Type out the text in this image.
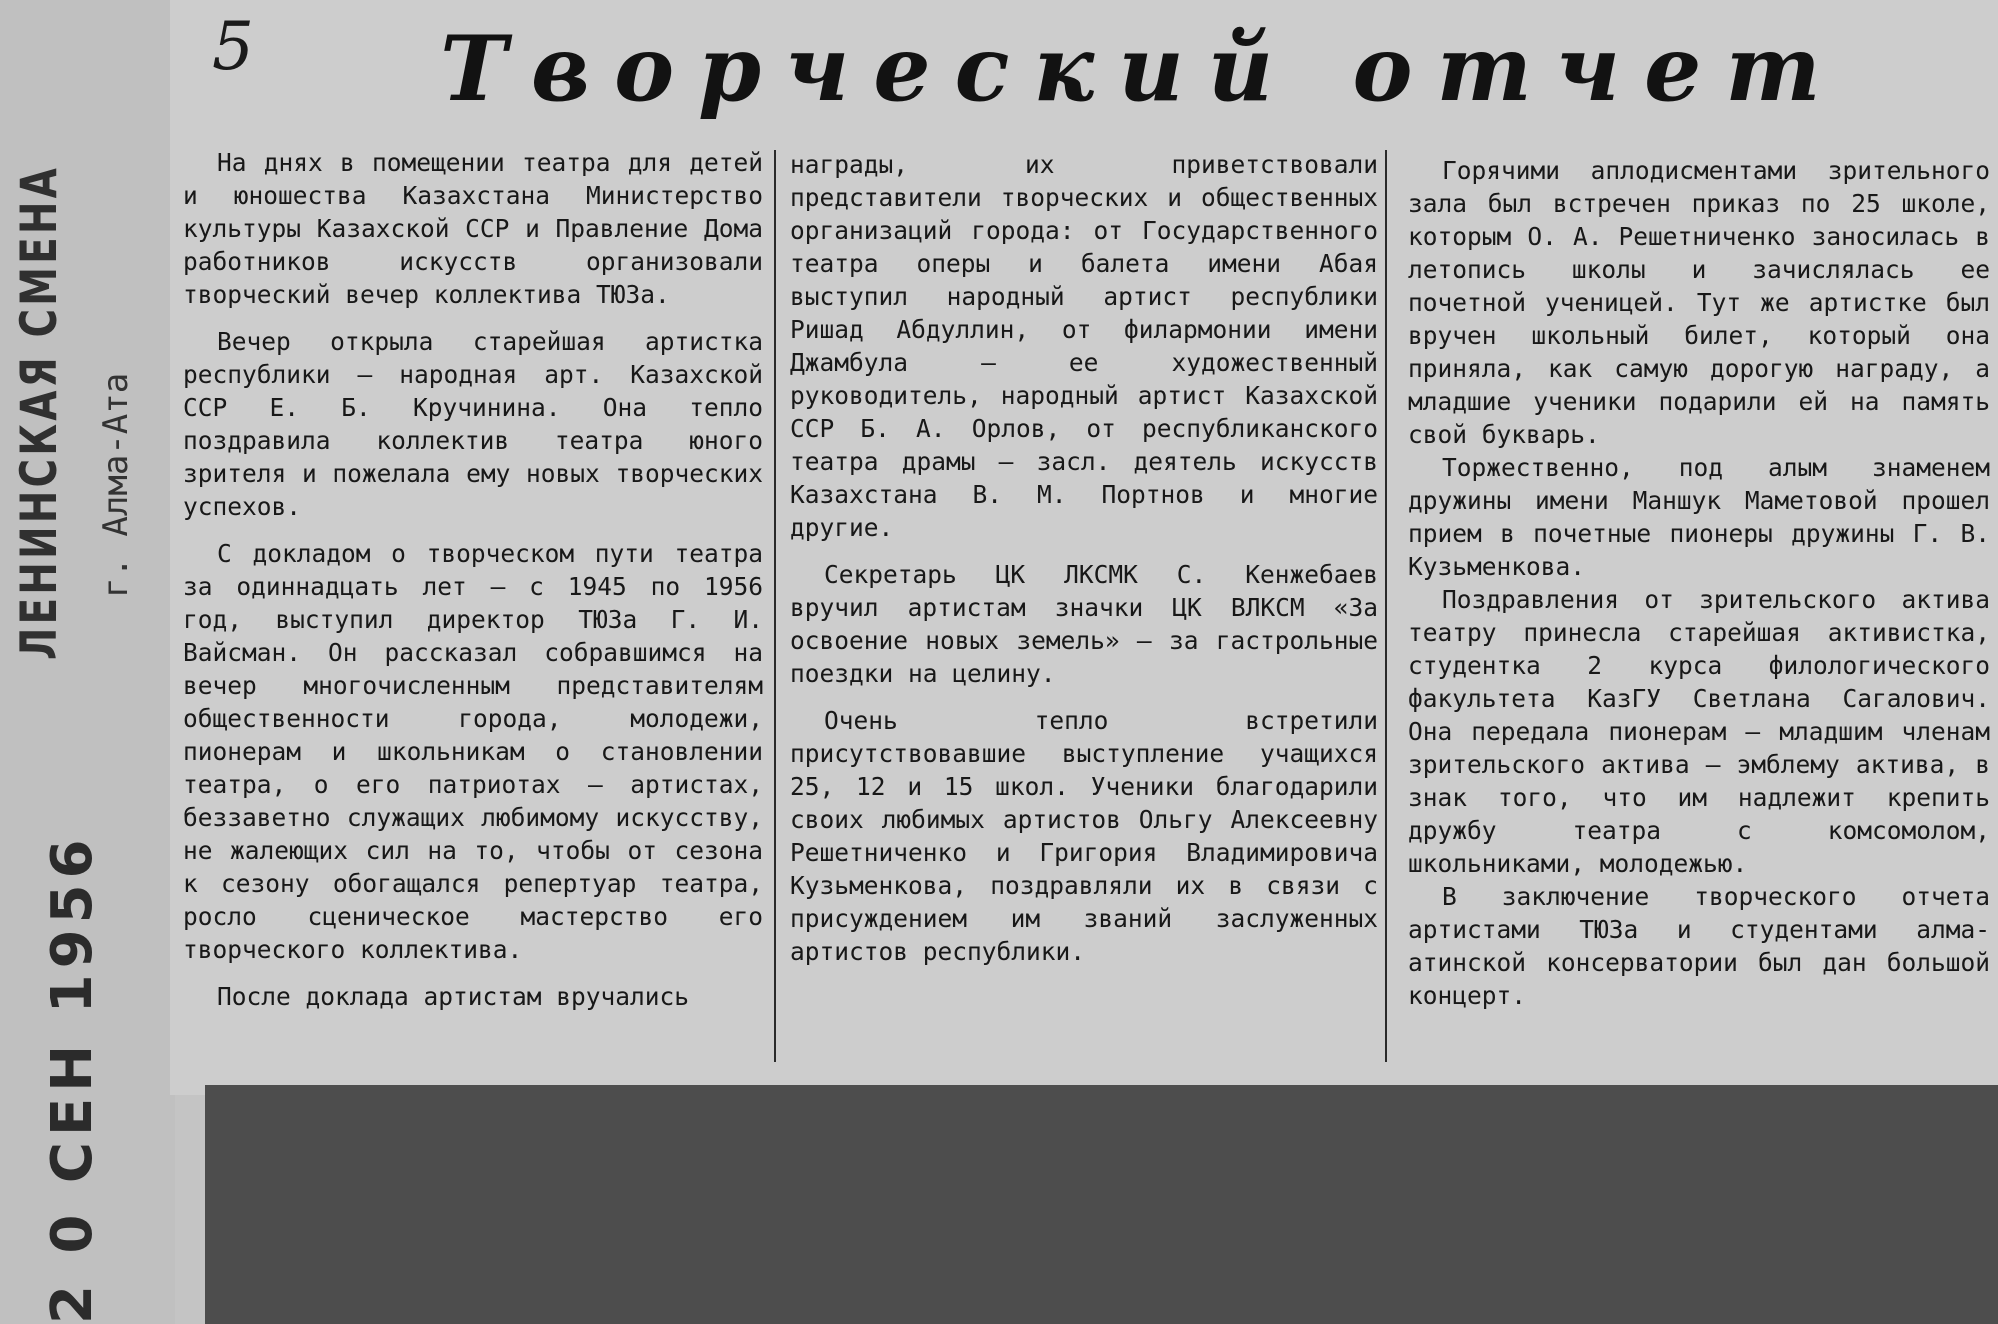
ЛЕНИНСКАЯ СМЕНА г. Алма-Ата
2 0 СЕН 1956
5 Творческий отчет

На днях в помещении театра для детей и юношества Казахстана Министерство культуры Казахской ССР и Правление Дома работников искусств организовали творческий вечер коллектива ТЮЗа.

Вечер открыла старейшая артистка республики — народная арт. Казахской ССР Е. Б. Кручинина. Она тепло поздравила коллектив театра юного зрителя и пожелала ему новых творческих успехов.

С докладом о творческом пути театра за одиннадцать лет — с 1945 по 1956 год, выступил директор ТЮЗа Г. И. Вайсман. Он рассказал собравшимся на вечер многочисленным представителям общественности города, молодежи, пионерам и школьникам о становлении театра, о его патриотах — артистах, беззаветно служащих любимому искусству, не жалеющих сил на то, чтобы от сезона к сезону обогащался репертуар театра, росло сценическое мастерство его творческого коллектива.

После доклада артистам вручались

награды, их приветствовали представители творческих и общественных организаций города: от Государственного театра оперы и балета имени Абая выступил народный артист республики Ришад Абдуллин, от филармонии имени Джамбула — ее художественный руководитель, народный артист Казахской ССР Б. А. Орлов, от республиканского театра драмы — засл. деятель искусств Казахстана В. М. Портнов и многие другие.

Секретарь ЦК ЛКСМК С. Кенжебаев вручил артистам значки ЦК ВЛКСМ «За освоение новых земель» — за гастрольные поездки на целину.

Очень тепло встретили присутствовавшие выступление учащихся 25, 12 и 15 школ. Ученики благодарили своих любимых артистов Ольгу Алексеевну Решетниченко и Григория Владимировича Кузьменкова, поздравляли их в связи с присуждением им званий заслуженных артистов республики.

Горячими аплодисментами зрительного зала был встречен приказ по 25 школе, которым О. А. Решетниченко заносилась в летопись школы и зачислялась ее почетной ученицей. Тут же артистке был вручен школьный билет, который она приняла, как самую дорогую награду, а младшие ученики подарили ей на память свой букварь.

Торжественно, под алым знаменем дружины имени Маншук Маметовой прошел прием в почетные пионеры дружины Г. В. Кузьменкова.

Поздравления от зрительского актива театру принесла старейшая активистка, студентка 2 курса филологического факультета КазГУ Светлана Сагалович. Она передала пионерам — младшим членам зрительского актива — эмблему актива, в знак того, что им надлежит крепить дружбу театра с комсомолом, школьниками, молодежью.

В заключение творческого отчета артистами ТЮЗа и студентами алма-атинской консерватории был дан большой концерт.
